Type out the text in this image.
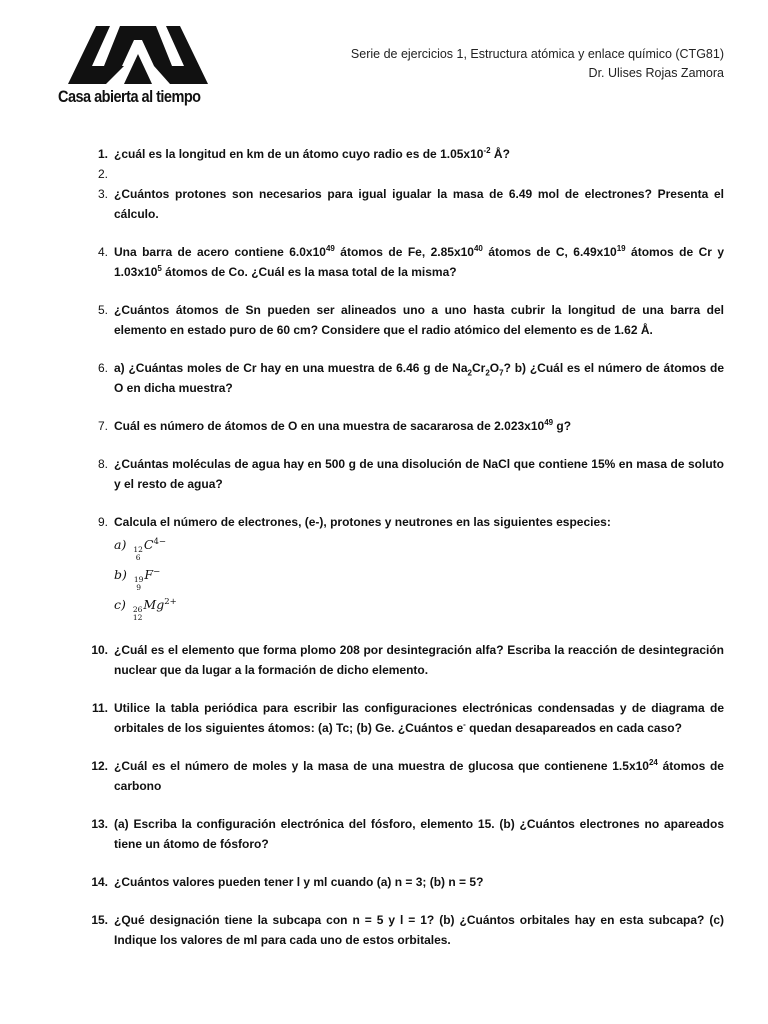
Casa abierta al tiempo
Serie de ejercicios 1, Estructura atómica y enlace químico (CTG81)
Dr. Ulises Rojas Zamora
1. ¿cuál es la longitud en km de un átomo cuyo radio es de $1.05x10^{-2}$ Å?
2.
3. ¿Cuántos protones son necesarios para igual igualar la masa de 6.49 mol de electrones? Presenta el cálculo.
4. Una barra de acero contiene $6.0x10^{49}$ átomos de Fe, $2.85x10^{40}$ átomos de C, $6.49x10^{19}$ átomos de Cr y $1.03x10^5$ átomos de Co. ¿Cuál es la masa total de la misma?
5. ¿Cuántos átomos de Sn pueden ser alineados uno a uno hasta cubrir la longitud de una barra del elemento en estado puro de 60 cm? Considere que el radio atómico del elemento es de 1.62 Å.
6. a) ¿Cuántas moles de Cr hay en una muestra de 6.46 g de $Na_2Cr_2O_7$? b) ¿Cuál es el número de átomos de O en dicha muestra?
7. Cuál es número de átomos de O en una muestra de sacararosa de $2.023x10^{49}$ g?
8. ¿Cuántas moléculas de agua hay en 500 g de una disolución de NaCl que contiene 15% en masa de soluto y el resto de agua?
9. Calcula el número de electrones, (e-), protones y neutrones en las siguientes especies:
a) 12
6
$C^{4-}$
b) 19
9
F−
c) 26
12
$Mg^{2+}$
10. ¿Cuál es el elemento que forma plomo 208 por desintegración alfa? Escriba la reacción de desintegración nuclear que da lugar a la formación de dicho elemento.
11. Utilice la tabla periódica para escribir las configuraciones electrónicas condensadas y de diagrama de orbitales de los siguientes átomos: (a) Tc; (b) Ge. ¿Cuántos e- quedan desapareados en cada caso?
12. ¿Cuál es el número de moles y la masa de una muestra de glucosa que contienene $1.5x10^{24}$ átomos de carbono
13. (a) Escriba la configuración electrónica del fósforo, elemento 15. (b) ¿Cuántos electrones no apareados tiene un átomo de fósforo?
14. ¿Cuántos valores pueden tener l y ml cuando (a) n = 3; (b) n = 5?
15. ¿Qué designación tiene la subcapa con n = 5 y l = 1? (b) ¿Cuántos orbitales hay en esta subcapa? (c) Indique los valores de ml para cada uno de estos orbitales.
